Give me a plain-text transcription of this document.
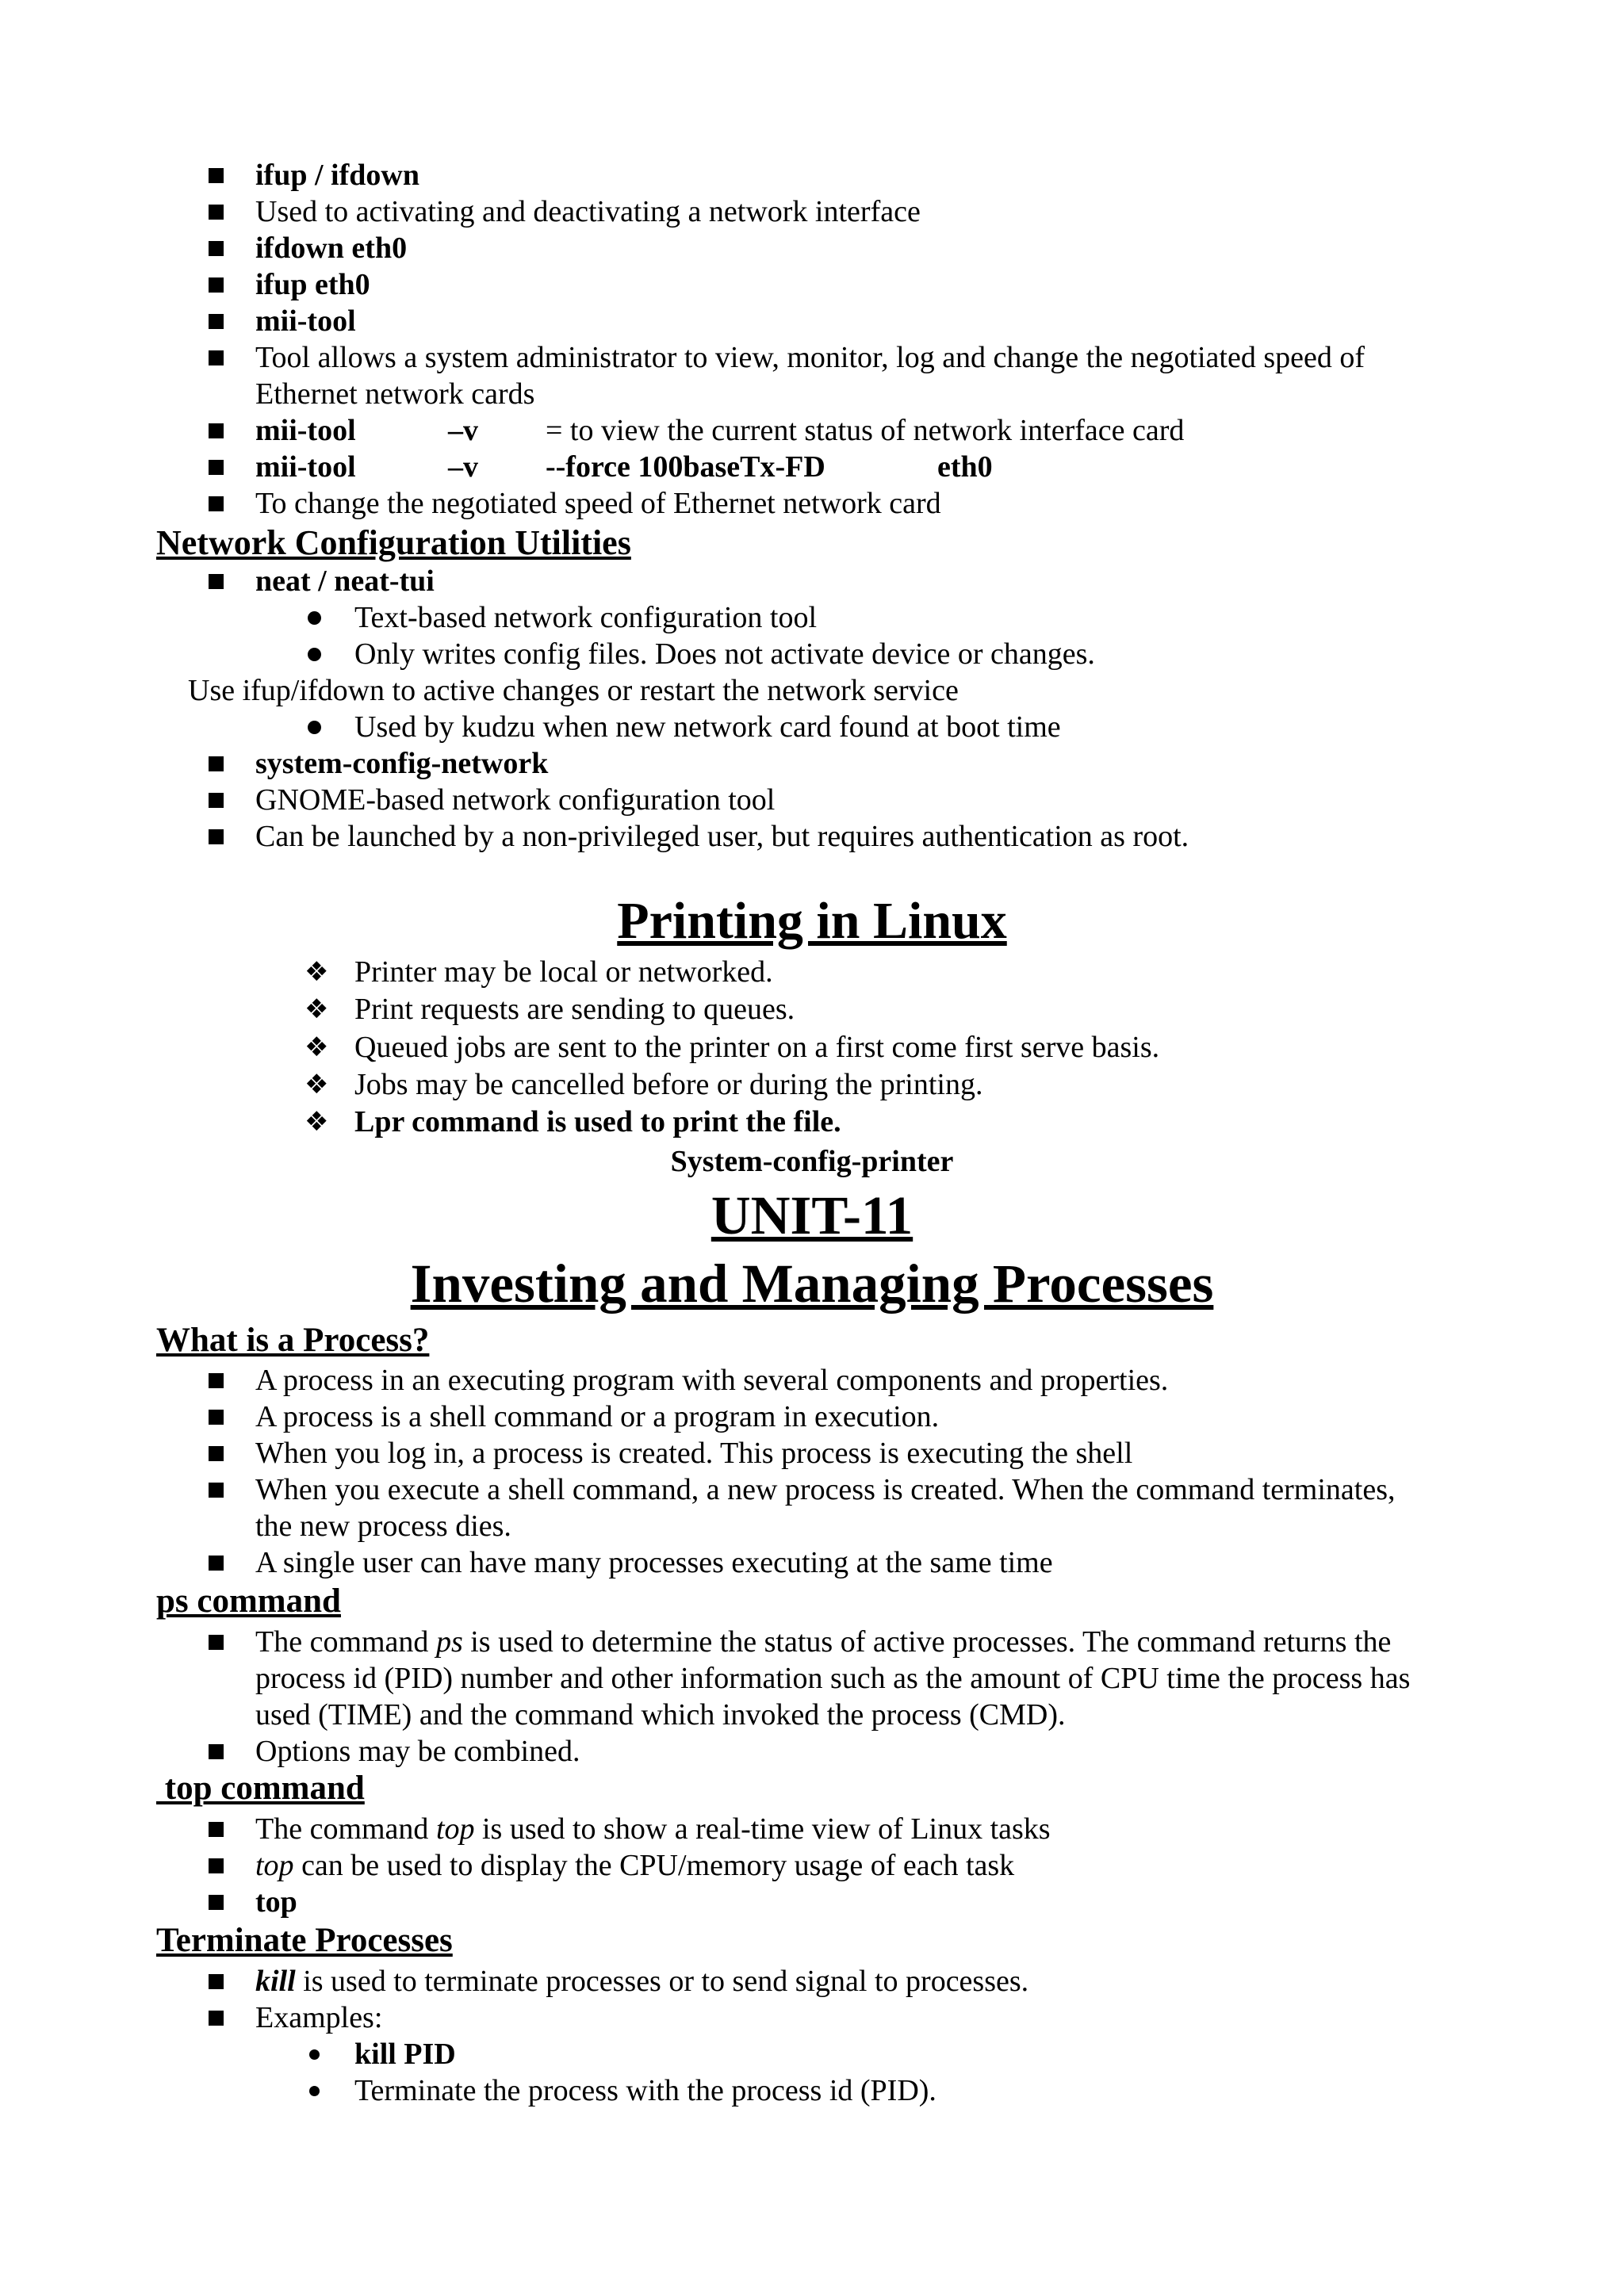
ifup / ifdown
Used to activating and deactivating a network interface
ifdown eth0
ifup eth0
mii-tool
Tool allows a system administrator to view, monitor, log and change the negotiated speed of
Ethernet network cards
mii-tool	–v = to view the current status of network interface card
mii-tool	–v --force 100baseTx-FD	eth0
To change the negotiated speed of Ethernet network card
Network Configuration Utilities
neat / neat-tui
Text-based network configuration tool
Only writes config files. Does not activate device or changes.
Use ifup/ifdown to active changes or restart the network service
Used by kudzu when new network card found at boot time
system-config-network
GNOME-based network configuration tool
Can be launched by a non-privileged user, but requires authentication as root.
Printing in Linux
❖ Printer may be local or networked.
❖ Print requests are sending to queues.
❖ Queued jobs are sent to the printer on a first come first serve basis.
❖ Jobs may be cancelled before or during the printing.
❖ Lpr command is used to print the file.
System-config-printer
UNIT-11
Investing and Managing Processes
What is a Process?
A process in an executing program with several components and properties.
A process is a shell command or a program in execution.
When you log in, a process is created. This process is executing the shell
When you execute a shell command, a new process is created. When the command terminates,
the new process dies.
A single user can have many processes executing at the same time
ps command
The command ps is used to determine the status of active processes. The command returns the
process id (PID) number and other information such as the amount of CPU time the process has
used (TIME) and the command which invoked the process (CMD).
Options may be combined.
top command
The command top is used to show a real-time view of Linux tasks
top can be used to display the CPU/memory usage of each task
top
Terminate Processes
kill is used to terminate processes or to send signal to processes.
Examples:
kill PID
Terminate the process with the process id (PID).
